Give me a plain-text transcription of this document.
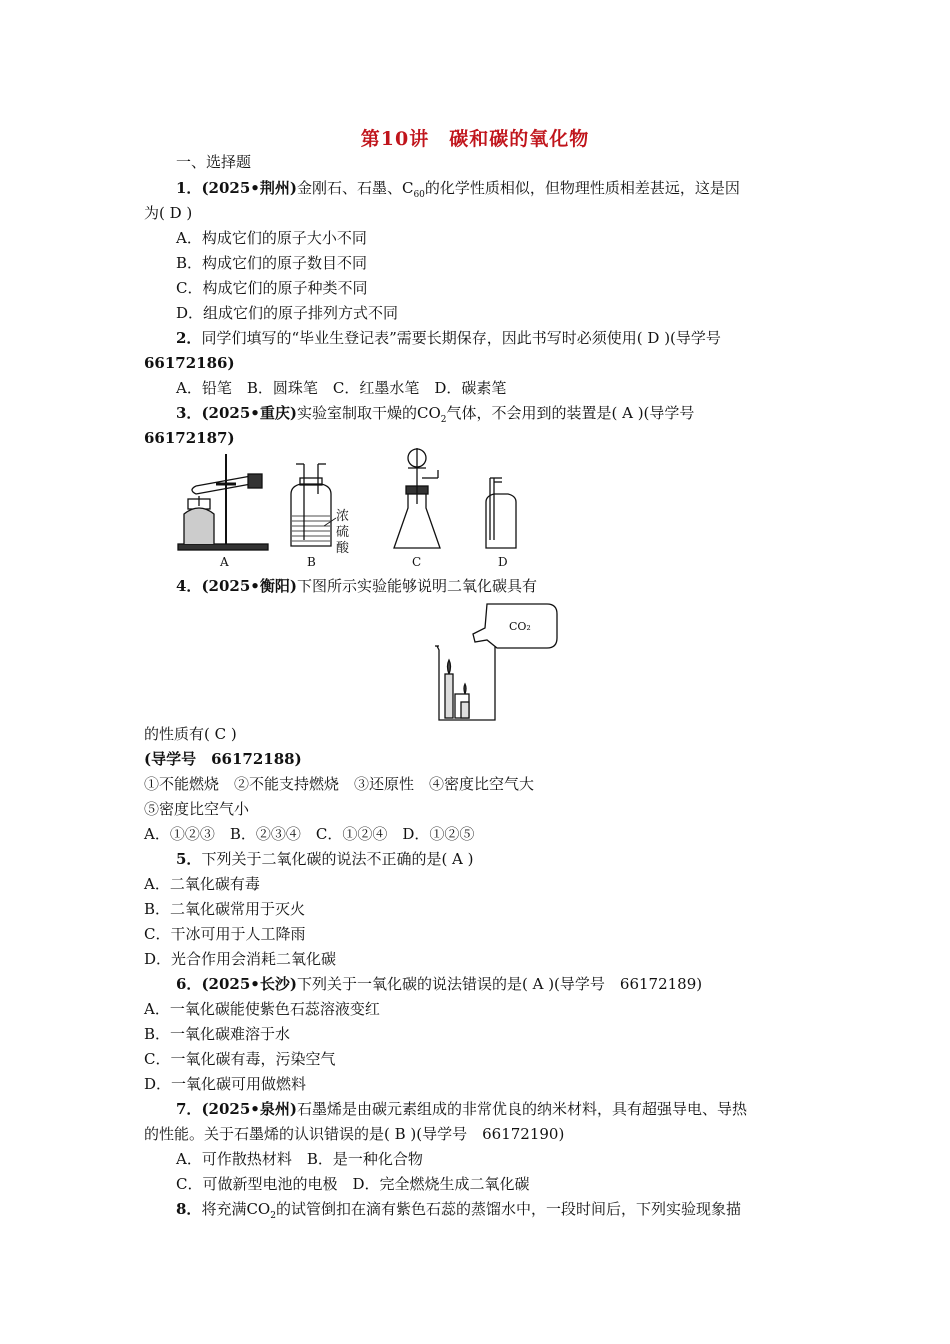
第10讲　碳和碳的氧化物
一、选择题
1．(2025•荆州)金刚石、石墨、$C_{60}$的化学性质相似，但物理性质相差甚远，这是因
为( D )
A．构成它们的原子大小不同
B．构成它们的原子数目不同
C．构成它们的原子种类不同
D．组成它们的原子排列方式不同
2．同学们填写的“毕业生登记表”需要长期保存，因此书写时必须使用( D )(导学号
66172186)
A．铅笔　B．圆珠笔　C．红墨水笔　D．碳素笔
3．(2025•重庆)实验室制取干燥的$CO_2$气体，不会用到的装置是( A )(导学号
66172187)
浓
硫
酸
A	B	C	D
4．(2025•衡阳)下图所示实验能够说明二氧化碳具有
CO₂
的性质有( C )
(导学号　66172188)
①不能燃烧　②不能支持燃烧　③还原性　④密度比空气大
⑤密度比空气小
A．①②③　B．②③④　C．①②④　D．①②⑤
5．下列关于二氧化碳的说法不正确的是( A )
A．二氧化碳有毒
B．二氧化碳常用于灭火
C．干冰可用于人工降雨
D．光合作用会消耗二氧化碳
6．(2025•长沙)下列关于一氧化碳的说法错误的是( A )(导学号　66172189)
A．一氧化碳能使紫色石蕊溶液变红
B．一氧化碳难溶于水
C．一氧化碳有毒，污染空气
D．一氧化碳可用做燃料
7．(2025•泉州)石墨烯是由碳元素组成的非常优良的纳米材料，具有超强导电、导热
的性能。关于石墨烯的认识错误的是( B )(导学号　66172190)
A．可作散热材料　B．是一种化合物
C．可做新型电池的电极　D．完全燃烧生成二氧化碳
8．将充满$CO_2$的试管倒扣在滴有紫色石蕊的蒸馏水中，一段时间后，下列实验现象描
